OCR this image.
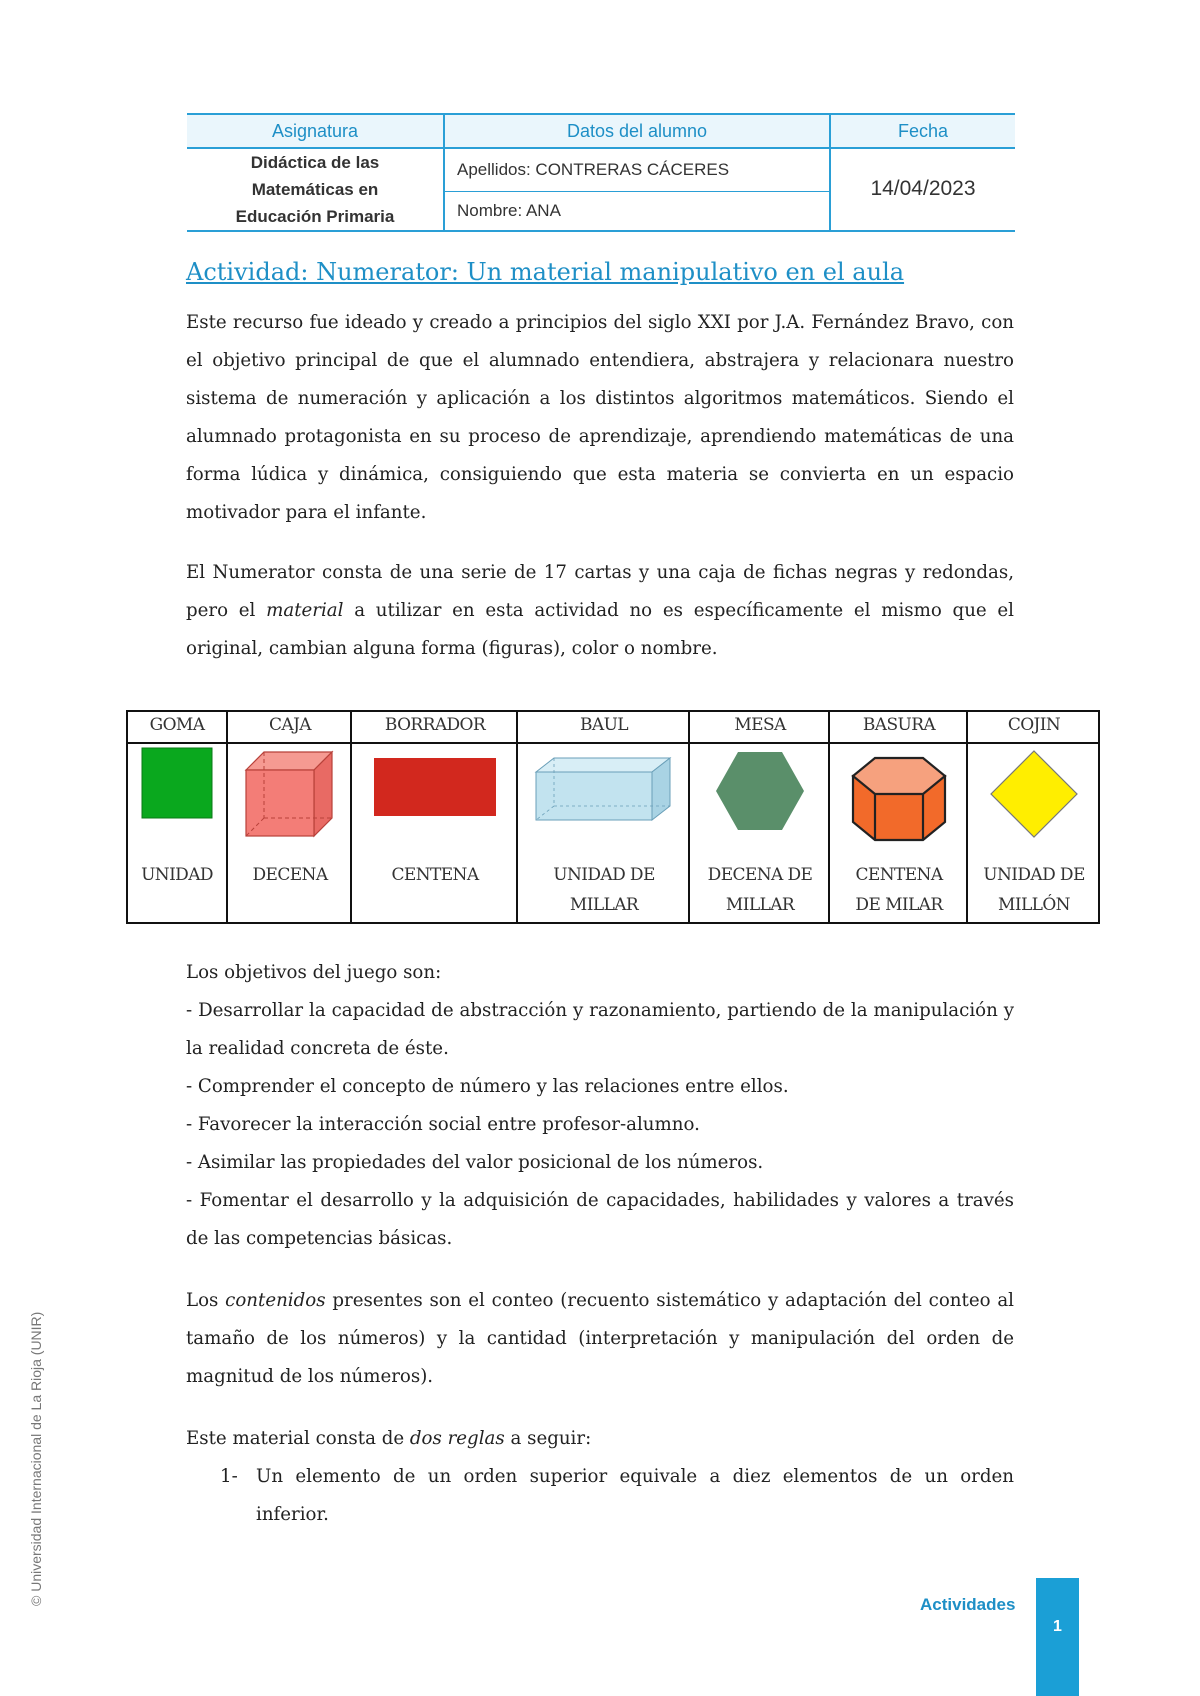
Asignatura	Datos del alumno	Fecha
Didáctica de las
Matemáticas en
Educación Primaria
Apellidos: CONTRERAS CÁCERES
Nombre: ANA
14/04/2023
Actividad: Numerator: Un material manipulativo en el aula

Este recurso fue ideado y creado a principios del siglo XXI por J.A. Fernández Bravo, con el objetivo principal de que el alumnado entendiera, abstrajera y relacionara nuestro sistema de numeración y aplicación a los distintos algoritmos matemáticos. Siendo el alumnado protagonista en su proceso de aprendizaje, aprendiendo matemáticas de una forma lúdica y dinámica, consiguiendo que esta materia se convierta en un espacio motivador para el infante.

El Numerator consta de una serie de 17 cartas y una caja de fichas negras y redondas, pero el material a utilizar en esta actividad no es específicamente el mismo que el original, cambian alguna forma (figuras), color o nombre.

GOMA
UNIDAD
CAJA
DECENA
BORRADOR
CENTENA
BAUL
UNIDAD DE
MILLAR
MESA
DECENA DE
MILLAR
BASURA
CENTENA
DE MILAR
COJIN
UNIDAD DE
MILLÓN
Los objetivos del juego son:

- Desarrollar la capacidad de abstracción y razonamiento, partiendo de la manipulación y la realidad concreta de éste.

- Comprender el concepto de número y las relaciones entre ellos.
- Favorecer la interacción social entre profesor-alumno.
- Asimilar las propiedades del valor posicional de los números.

- Fomentar el desarrollo y la adquisición de capacidades, habilidades y valores a través de las competencias básicas.

Los contenidos presentes son el conteo (recuento sistemático y adaptación del conteo al tamaño de los números) y la cantidad (interpretación y manipulación del orden de magnitud de los números).

Este material consta de dos reglas a seguir:
1- Un elemento de un orden superior equivale a diez elementos de un orden inferior.
Actividades
1
© Universidad Internacional de La Rioja (UNIR)
